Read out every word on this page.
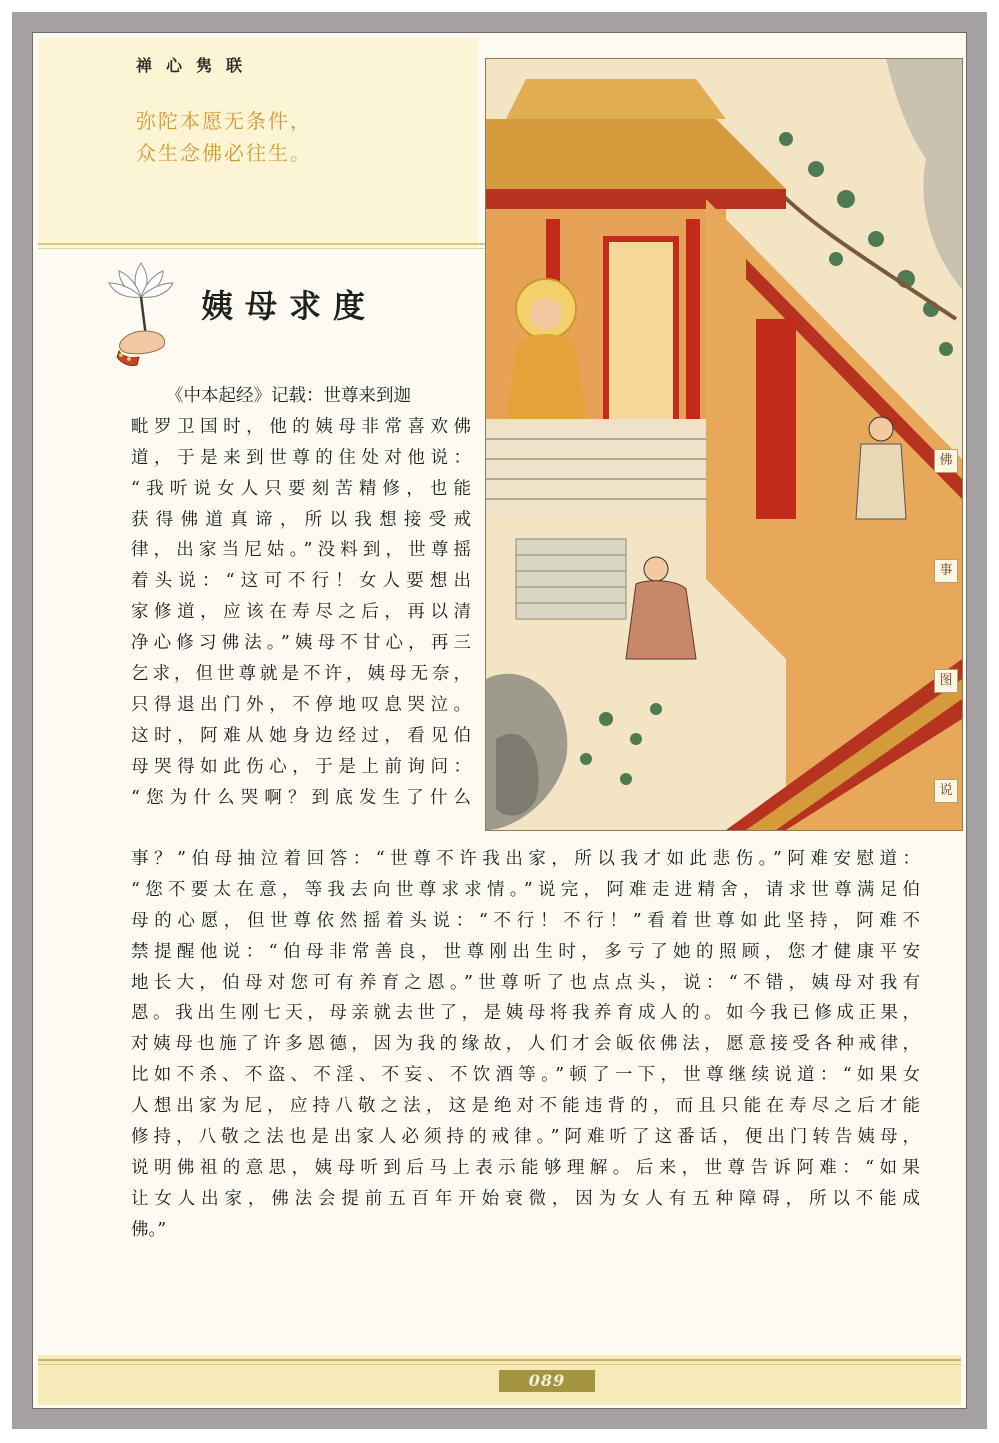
禅心隽联
弥陀本愿无条件，
众生念佛必往生。
姨母求度
佛
事
图
说
《中本起经》记载：世尊来到迦
毗罗卫国时，他的姨母非常喜欢佛
道，于是来到世尊的住处对他说：
“我听说女人只要刻苦精修，也能
获得佛道真谛，所以我想接受戒
律，出家当尼姑。”没料到，世尊摇
着头说：“这可不行！女人要想出
家修道，应该在寿尽之后，再以清
净心修习佛法。”姨母不甘心，再三
乞求，但世尊就是不许，姨母无奈，
只得退出门外，不停地叹息哭泣。
这时，阿难从她身边经过，看见伯
母哭得如此伤心，于是上前询问：
“您为什么哭啊？到底发生了什么
事？”伯母抽泣着回答：“世尊不许我出家，所以我才如此悲伤。”阿难安慰道：
“您不要太在意，等我去向世尊求求情。”说完，阿难走进精舍，请求世尊满足伯
母的心愿，但世尊依然摇着头说：“不行！不行！”看着世尊如此坚持，阿难不
禁提醒他说：“伯母非常善良，世尊刚出生时，多亏了她的照顾，您才健康平安
地长大，伯母对您可有养育之恩。”世尊听了也点点头，说：“不错，姨母对我有
恩。我出生刚七天，母亲就去世了，是姨母将我养育成人的。如今我已修成正果，
对姨母也施了许多恩德，因为我的缘故，人们才会皈依佛法，愿意接受各种戒律，
比如不杀、不盗、不淫、不妄、不饮酒等。”顿了一下，世尊继续说道：“如果女
人想出家为尼，应持八敬之法，这是绝对不能违背的，而且只能在寿尽之后才能
修持，八敬之法也是出家人必须持的戒律。”阿难听了这番话，便出门转告姨母，
说明佛祖的意思，姨母听到后马上表示能够理解。后来，世尊告诉阿难：“如果
让女人出家，佛法会提前五百年开始衰微，因为女人有五种障碍，所以不能成
佛。”
089
